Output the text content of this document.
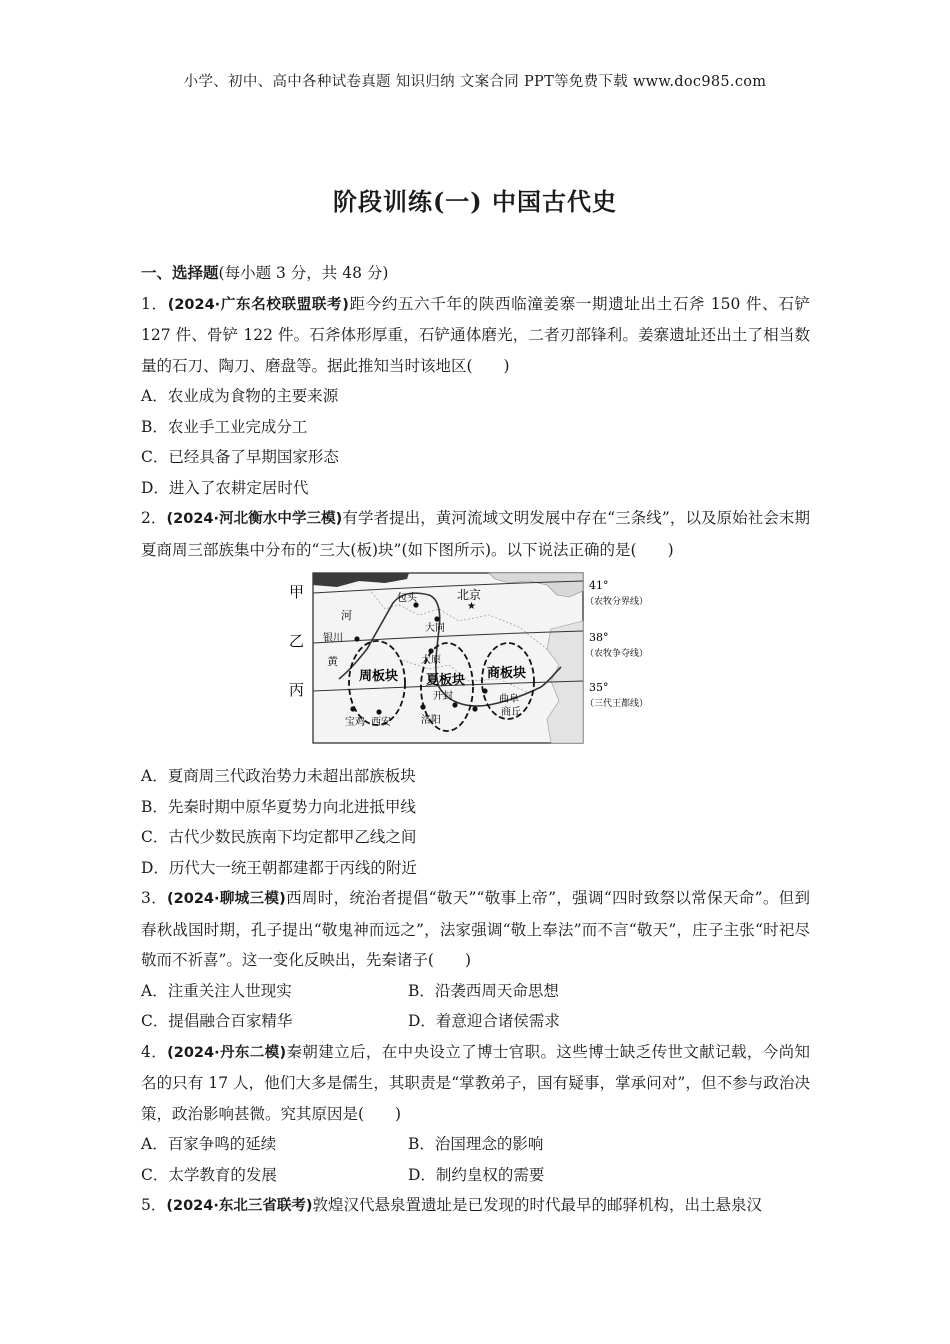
小学、初中、高中各种试卷真题 知识归纳 文案合同 PPT等免费下载 www.doc985.com
阶段训练(一) 中国古代史

一、选择题(每小题 3 分，共 48 分)

1．(2024·广东名校联盟联考)距今约五六千年的陕西临潼姜寨一期遗址出土石斧 150 件、石铲 127 件、骨铲 122 件。石斧体形厚重，石铲通体磨光，二者刃部锋利。姜寨遗址还出土了相当数量的石刀、陶刀、磨盘等。据此推知当时该地区(　　)

A．农业成为食物的主要来源

B．农业手工业完成分工

C．已经具备了早期国家形态

D．进入了农耕定居时代

2．(2024·河北衡水中学三模)有学者提出，黄河流域文明发展中存在“三条线”，以及原始社会末期夏商周三部族集中分布的“三大(板)块”(如下图所示)。以下说法正确的是(　　)

甲
乙
丙
河
黄
周板块 夏板块 商板块
包头
★
北京
大同
银川
太原
开封	曲阜
商丘
洛阳
西安
宝鸡
41°
（农牧分界线）
38°
（农牧争夺线）
35°
（三代王都线）

A．夏商周三代政治势力未超出部族板块

B．先秦时期中原华夏势力向北进抵甲线

C．古代少数民族南下均定都甲乙线之间

D．历代大一统王朝都建都于丙线的附近

3．(2024·聊城三模)西周时，统治者提倡“敬天”“敬事上帝”，强调“四时致祭以常保天命”。但到春秋战国时期，孔子提出“敬鬼神而远之”，法家强调“敬上奉法”而不言“敬天”，庄子主张“时祀尽敬而不祈喜”。这一变化反映出，先秦诸子(　　)

A．注重关注人世现实	B．沿袭西周天命思想

C．提倡融合百家精华	D．着意迎合诸侯需求

4．(2024·丹东二模)秦朝建立后，在中央设立了博士官职。这些博士缺乏传世文献记载，今尚知名的只有 17 人，他们大多是儒生，其职责是“掌教弟子，国有疑事，掌承问对”，但不参与政治决策，政治影响甚微。究其原因是(　　)

A．百家争鸣的延续	B．治国理念的影响

C．太学教育的发展	D．制约皇权的需要

5．(2024·东北三省联考)敦煌汉代悬泉置遗址是已发现的时代最早的邮驿机构，出土悬泉汉
